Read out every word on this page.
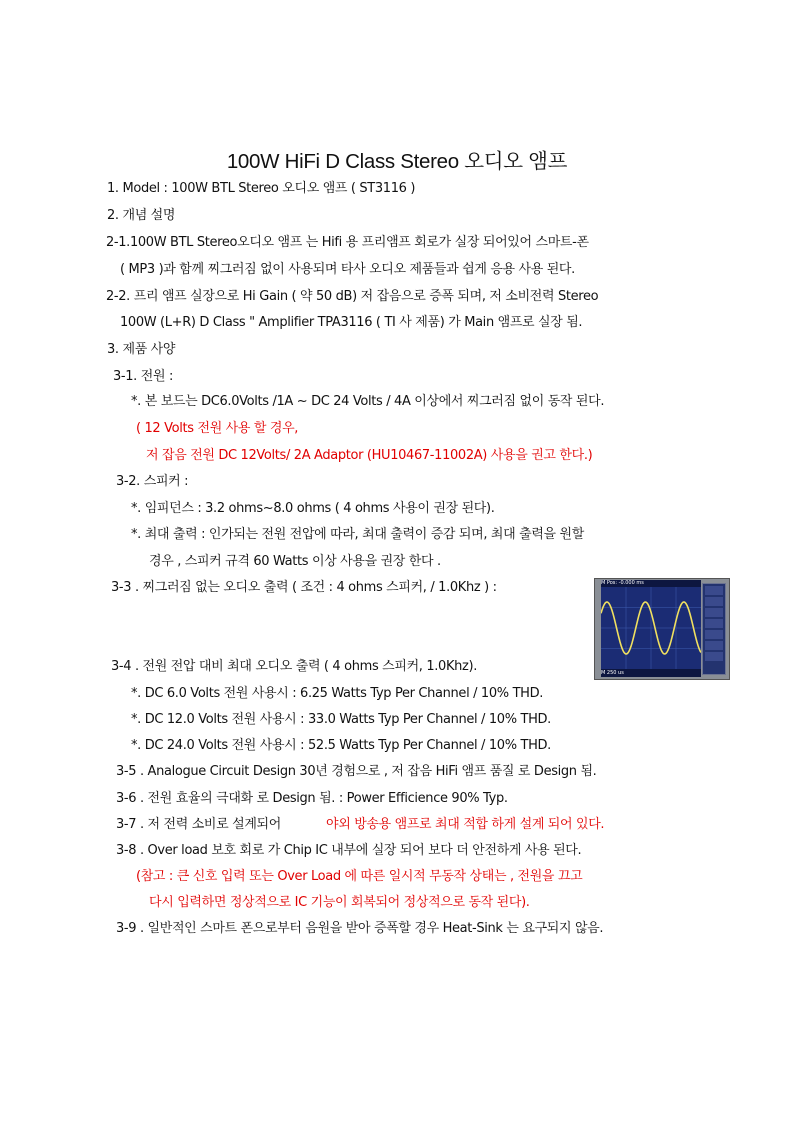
100W HiFi D Class Stereo 오디오 앰프
1. Model : 100W BTL Stereo 오디오 앰프 ( ST3116 )
2. 개념 설명
2-1.100W BTL Stereo오디오 앰프 는 Hifi 용 프리앰프 회로가 실장 되어있어 스마트-폰
( MP3 )과 함께 찌그러짐 없이 사용되며 타사 오디오 제품들과 쉽게 응용 사용 된다.
2-2. 프리 앰프 실장으로 Hi Gain ( 약 50 dB) 저 잡음으로 증폭 되며, 저 소비전력 Stereo
100W (L+R) D Class " Amplifier TPA3116 ( TI 사 제품) 가 Main 앰프로 실장 됨.
3. 제품 사양
3-1. 전원 :
*. 본 보드는 DC6.0Volts /1A ~ DC 24 Volts / 4A 이상에서 찌그러짐 없이 동작 된다.
( 12 Volts 전원 사용 할 경우,
저 잡음 전원 DC 12Volts/ 2A Adaptor (HU10467-11002A) 사용을 권고 한다.)
3-2. 스피커 :
*. 임피던스 : 3.2 ohms~8.0 ohms ( 4 ohms 사용이 권장 된다).
*. 최대 출력 : 인가되는 전원 전압에 따라, 최대 출력이 증감 되며, 최대 출력을 원할
경우 , 스피커 규격 60 Watts 이상 사용을 권장 한다 .
3-3 . 찌그러짐 없는 오디오 출력 ( 조건 : 4 ohms 스피커, / 1.0Khz ) :
3-4 . 전원 전압 대비 최대 오디오 출력 ( 4 ohms 스피커, 1.0Khz).
*. DC 6.0 Volts 전원 사용시 : 6.25 Watts Typ Per Channel / 10% THD.
*. DC 12.0 Volts 전원 사용시 : 33.0 Watts Typ Per Channel / 10% THD.
*. DC 24.0 Volts 전원 사용시 : 52.5 Watts Typ Per Channel / 10% THD.
3-5 . Analogue Circuit Design 30년 경험으로 , 저 잡음 HiFi 앰프 품질 로 Design 됨.
3-6 . 전원 효율의 극대화 로 Design 됨. : Power Efficience 90% Typ.
3-7 . 저 전력 소비로 설계되어	야외 방송용 앰프로 최대 적합 하게 설계 되어 있다.
3-8 . Over load 보호 회로 가 Chip IC 내부에 실장 되어 보다 더 안전하게 사용 된다.
(참고 : 큰 신호 입력 또는 Over Load 에 따른 일시적 무동작 상태는 , 전원을 끄고
다시 입력하면 정상적으로 IC 기능이 회복되어 정상적으로 동작 된다).
3-9 . 일반적인 스마트 폰으로부터 음원을 받아 증폭할 경우 Heat-Sink 는 요구되지 않음.
M Pos: -0.000 ms
M 250 us
